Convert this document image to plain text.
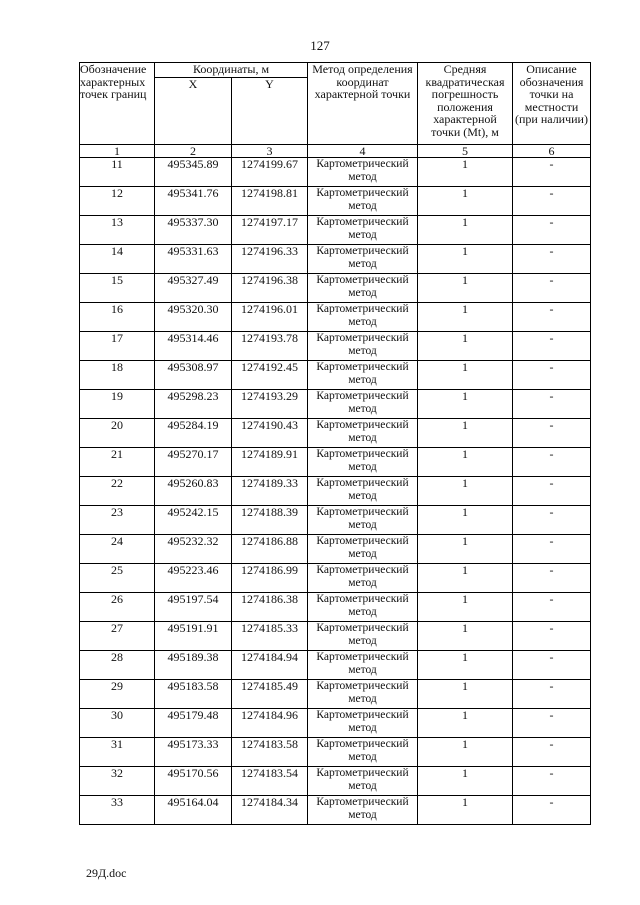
127
Обозначение характерных точек границ	Координаты, м		Метод определения координат характерной точки	Средняя квадратическая погрешность положения характерной точки (Mt), м	Описание обозначения точки на местности (при наличии)
	X	Y			
1	2	3	4	5	6
11	495345.89	1274199.67	Картометрический метод	1	-
12	495341.76	1274198.81	Картометрический метод	1	-
13	495337.30	1274197.17	Картометрический метод	1	-
14	495331.63	1274196.33	Картометрический метод	1	-
15	495327.49	1274196.38	Картометрический метод	1	-
16	495320.30	1274196.01	Картометрический метод	1	-
17	495314.46	1274193.78	Картометрический метод	1	-
18	495308.97	1274192.45	Картометрический метод	1	-
19	495298.23	1274193.29	Картометрический метод	1	-
20	495284.19	1274190.43	Картометрический метод	1	-
21	495270.17	1274189.91	Картометрический метод	1	-
22	495260.83	1274189.33	Картометрический метод	1	-
23	495242.15	1274188.39	Картометрический метод	1	-
24	495232.32	1274186.88	Картометрический метод	1	-
25	495223.46	1274186.99	Картометрический метод	1	-
26	495197.54	1274186.38	Картометрический метод	1	-
27	495191.91	1274185.33	Картометрический метод	1	-
28	495189.38	1274184.94	Картометрический метод	1	-
29	495183.58	1274185.49	Картометрический метод	1	-
30	495179.48	1274184.96	Картометрический метод	1	-
31	495173.33	1274183.58	Картометрический метод	1	-
32	495170.56	1274183.54	Картометрический метод	1	-
33	495164.04	1274184.34	Картометрический метод	1	-
29Д.doc
